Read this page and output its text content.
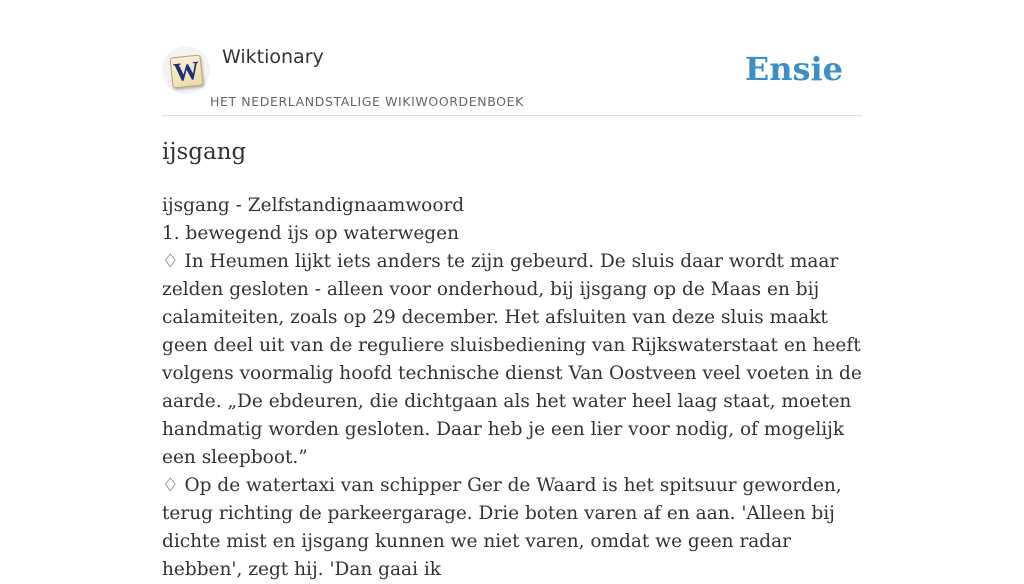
W Wiktionary
HET NEDERLANDSTALIGE WIKIWOORDENBOEK
Ensie
ijsgang

ijsgang - Zelfstandignaamwoord

1. bewegend ijs op waterwegen

♢ In Heumen lijkt iets anders te zijn gebeurd. De sluis daar wordt maar zelden gesloten - alleen voor onderhoud, bij ijsgang op de Maas en bij calamiteiten, zoals op 29 december. Het afsluiten van deze sluis maakt geen deel uit van de reguliere sluisbediening van Rijkswaterstaat en heeft volgens voormalig hoofd technische dienst Van Oostveen veel voeten in de aarde. „De ebdeuren, die dichtgaan als het water heel laag staat, moeten handmatig worden gesloten. Daar heb je een lier voor nodig, of mogelijk een sleepboot.”

♢ Op de watertaxi van schipper Ger de Waard is het spitsuur geworden, terug richting de parkeergarage. Drie boten varen af en aan. 'Alleen bij dichte mist en ijsgang kunnen we niet varen, omdat we geen radar hebben', zegt hij. 'Dan gaai ik
